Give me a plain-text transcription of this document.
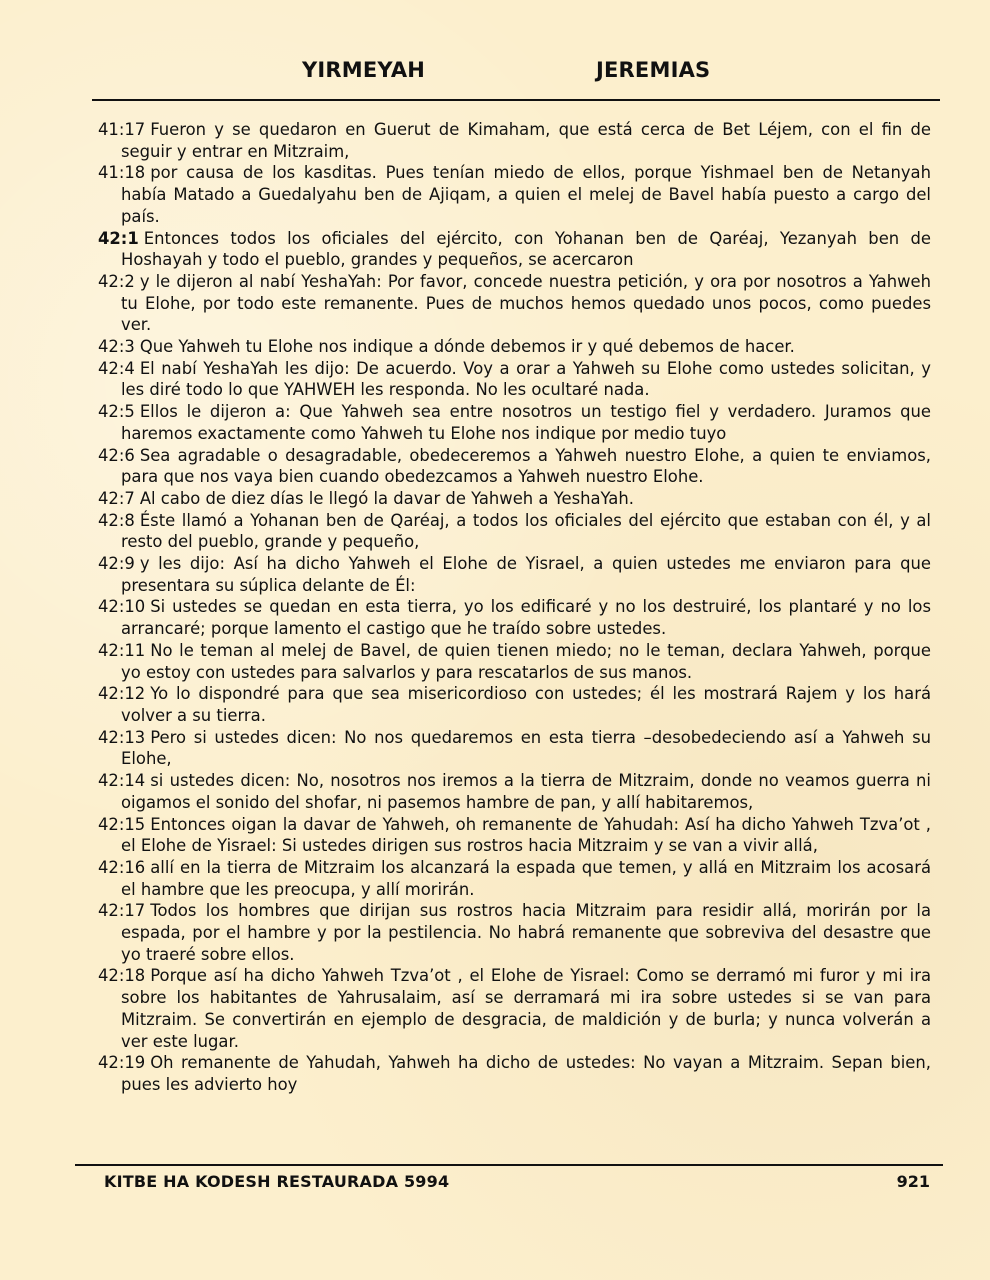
YIRMEYAH	JEREMIAS

41:17 Fueron y se quedaron en Guerut de Kimaham, que está cerca de Bet Léjem, con el fin de seguir y entrar en Mitzraim,

41:18 por causa de los kasditas. Pues tenían miedo de ellos, porque Yishmael ben de Netanyah había Matado a Guedalyahu ben de Ajiqam, a quien el melej de Bavel había puesto a cargo del país.

42:1 Entonces todos los oficiales del ejército, con Yohanan ben de Qaréaj, Yezanyah ben de Hoshayah y todo el pueblo, grandes y pequeños, se acercaron

42:2 y le dijeron al nabí YeshaYah: Por favor, concede nuestra petición, y ora por nosotros a Yahweh tu Elohe, por todo este remanente. Pues de muchos hemos quedado unos pocos, como puedes ver.

42:3 Que Yahweh tu Elohe nos indique a dónde debemos ir y qué debemos de hacer.

42:4 El nabí YeshaYah les dijo: De acuerdo. Voy a orar a Yahweh su Elohe como ustedes solicitan, y les diré todo lo que YAHWEH les responda. No les ocultaré nada.

42:5 Ellos le dijeron a: Que Yahweh sea entre nosotros un testigo fiel y verdadero. Juramos que haremos exactamente como Yahweh tu Elohe nos indique por medio tuyo

42:6 Sea agradable o desagradable, obedeceremos a Yahweh nuestro Elohe, a quien te enviamos, para que nos vaya bien cuando obedezcamos a Yahweh nuestro Elohe.

42:7 Al cabo de diez días le llegó la davar de Yahweh a YeshaYah.

42:8 Éste llamó a Yohanan ben de Qaréaj, a todos los oficiales del ejército que estaban con él, y al resto del pueblo, grande y pequeño,

42:9 y les dijo: Así ha dicho Yahweh el Elohe de Yisrael, a quien ustedes me enviaron para que presentara su súplica delante de Él:

42:10 Si ustedes se quedan en esta tierra, yo los edificaré y no los destruiré, los plantaré y no los arrancaré; porque lamento el castigo que he traído sobre ustedes.

42:11 No le teman al melej de Bavel, de quien tienen miedo; no le teman, declara Yahweh, porque yo estoy con ustedes para salvarlos y para rescatarlos de sus manos.

42:12 Yo lo dispondré para que sea misericordioso con ustedes; él les mostrará Rajem y los hará volver a su tierra.

42:13 Pero si ustedes dicen: No nos quedaremos en esta tierra –desobedeciendo así a Yahweh su Elohe,

42:14 si ustedes dicen: No, nosotros nos iremos a la tierra de Mitzraim, donde no veamos guerra ni oigamos el sonido del shofar, ni pasemos hambre de pan, y allí habitaremos,

42:15 Entonces oigan la davar de Yahweh, oh remanente de Yahudah: Así ha dicho Yahweh Tzva’ot , el Elohe de Yisrael: Si ustedes dirigen sus rostros hacia Mitzraim y se van a vivir allá,

42:16 allí en la tierra de Mitzraim los alcanzará la espada que temen, y allá en Mitzraim los acosará el hambre que les preocupa, y allí morirán.

42:17 Todos los hombres que dirijan sus rostros hacia Mitzraim para residir allá, morirán por la espada, por el hambre y por la pestilencia. No habrá remanente que sobreviva del desastre que yo traeré sobre ellos.

42:18 Porque así ha dicho Yahweh Tzva’ot , el Elohe de Yisrael: Como se derramó mi furor y mi ira sobre los habitantes de Yahrusalaim, así se derramará mi ira sobre ustedes si se van para Mitzraim. Se convertirán en ejemplo de desgracia, de maldición y de burla; y nunca volverán a ver este lugar.

42:19 Oh remanente de Yahudah, Yahweh ha dicho de ustedes: No vayan a Mitzraim. Sepan bien, pues les advierto hoy

KITBE HA KODESH RESTAURADA 5994	921
